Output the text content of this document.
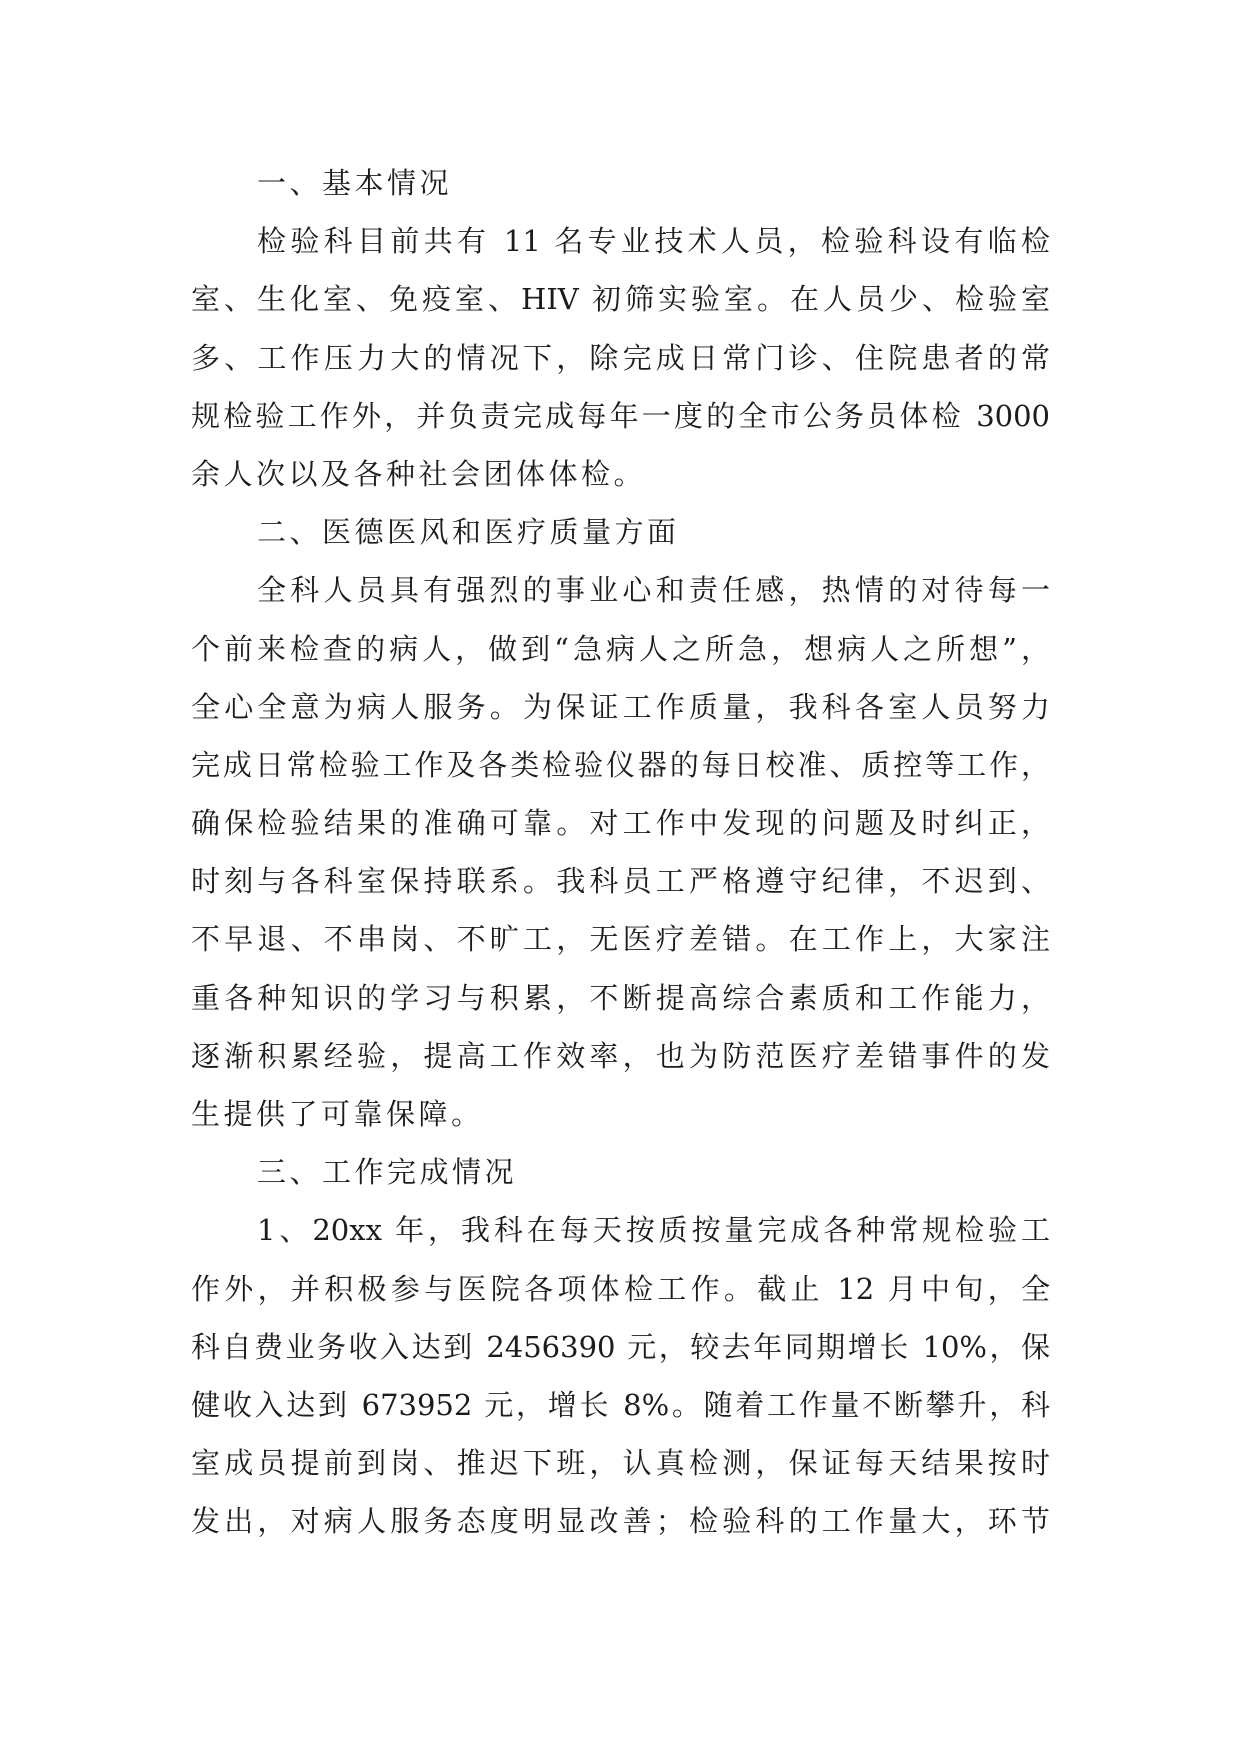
一、基本情况
检验科目前共有 11 名专业技术人员，检验科设有临检
室、生化室、免疫室、HIV 初筛实验室。在人员少、检验室
多、工作压力大的情况下，除完成日常门诊、住院患者的常
规检验工作外，并负责完成每年一度的全市公务员体检 3000
余人次以及各种社会团体体检。
二、医德医风和医疗质量方面
全科人员具有强烈的事业心和责任感，热情的对待每一
个前来检查的病人，做到“急病人之所急，想病人之所想”，
全心全意为病人服务。为保证工作质量，我科各室人员努力
完成日常检验工作及各类检验仪器的每日校准、质控等工作，
确保检验结果的准确可靠。对工作中发现的问题及时纠正，
时刻与各科室保持联系。我科员工严格遵守纪律，不迟到、
不早退、不串岗、不旷工，无医疗差错。在工作上，大家注
重各种知识的学习与积累，不断提高综合素质和工作能力，
逐渐积累经验，提高工作效率，也为防范医疗差错事件的发
生提供了可靠保障。
三、工作完成情况
1、20xx 年，我科在每天按质按量完成各种常规检验工
作外，并积极参与医院各项体检工作。截止 12 月中旬，全
科自费业务收入达到 2456390 元，较去年同期增长 10%，保
健收入达到 673952 元，增长 8%。随着工作量不断攀升，科
室成员提前到岗、推迟下班，认真检测，保证每天结果按时
发出，对病人服务态度明显改善；检验科的工作量大，环节
